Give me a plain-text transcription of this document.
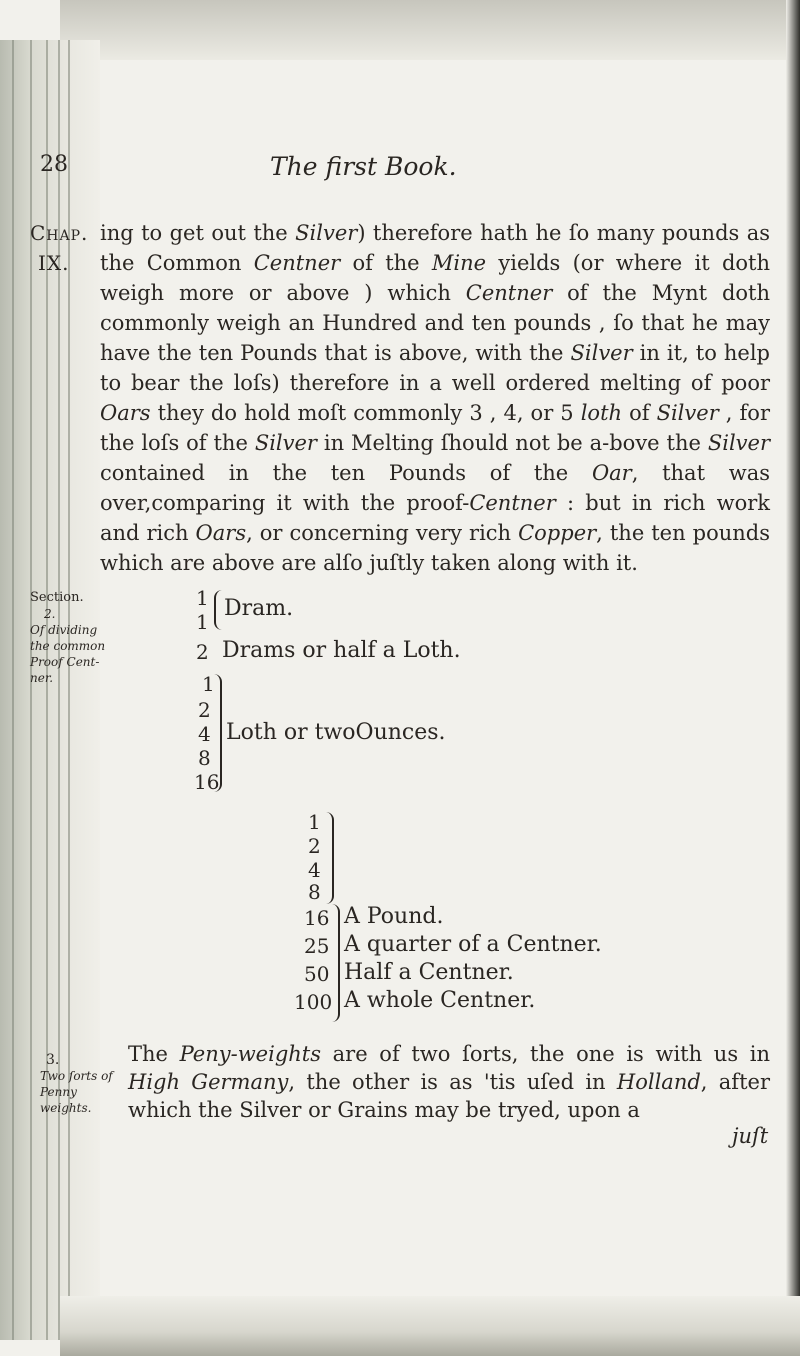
28	The first Book.
Chap.
IX.

ing to get out the Silver) therefore hath he ſo many pounds as the Common Centner of the Mine yields (or where it doth weigh more or above ) which Centner of the Mynt doth commonly weigh an Hundred and ten pounds , ſo that he may have the ten Pounds that is above, with the Silver in it, to help to bear the loſs) therefore in a well ordered melting of poor Oars they do hold moſt commonly 3 , 4, or 5 loth of Silver , for the loſs of the Silver in Melting ſhould not be a-bove the Silver contained in the ten Pounds of the Oar, that was over,comparing it with the proof-Centner : but in rich work and rich Oars, or concerning very rich Copper, the ten pounds which are above are alſo juſtly taken along with it.

Section.
2.
Of dividing
the common
Proof Cent-
ner.
1
1
Dram.
2 Drams or half a Loth.
1
2
4
8
16
Loth or twoOunces.
1
2
4
8
16 A Pound.
25 A quarter of a Centner.
50 Half a Centner.
100 A whole Centner.
3.
Two ſorts of
Penny
weights.
The Peny-weights are of two ſorts, the one is with us in High Germany, the other is as 'tis uſed in Holland, after which the Silver or Grains may be tryed, upon a
juſt
